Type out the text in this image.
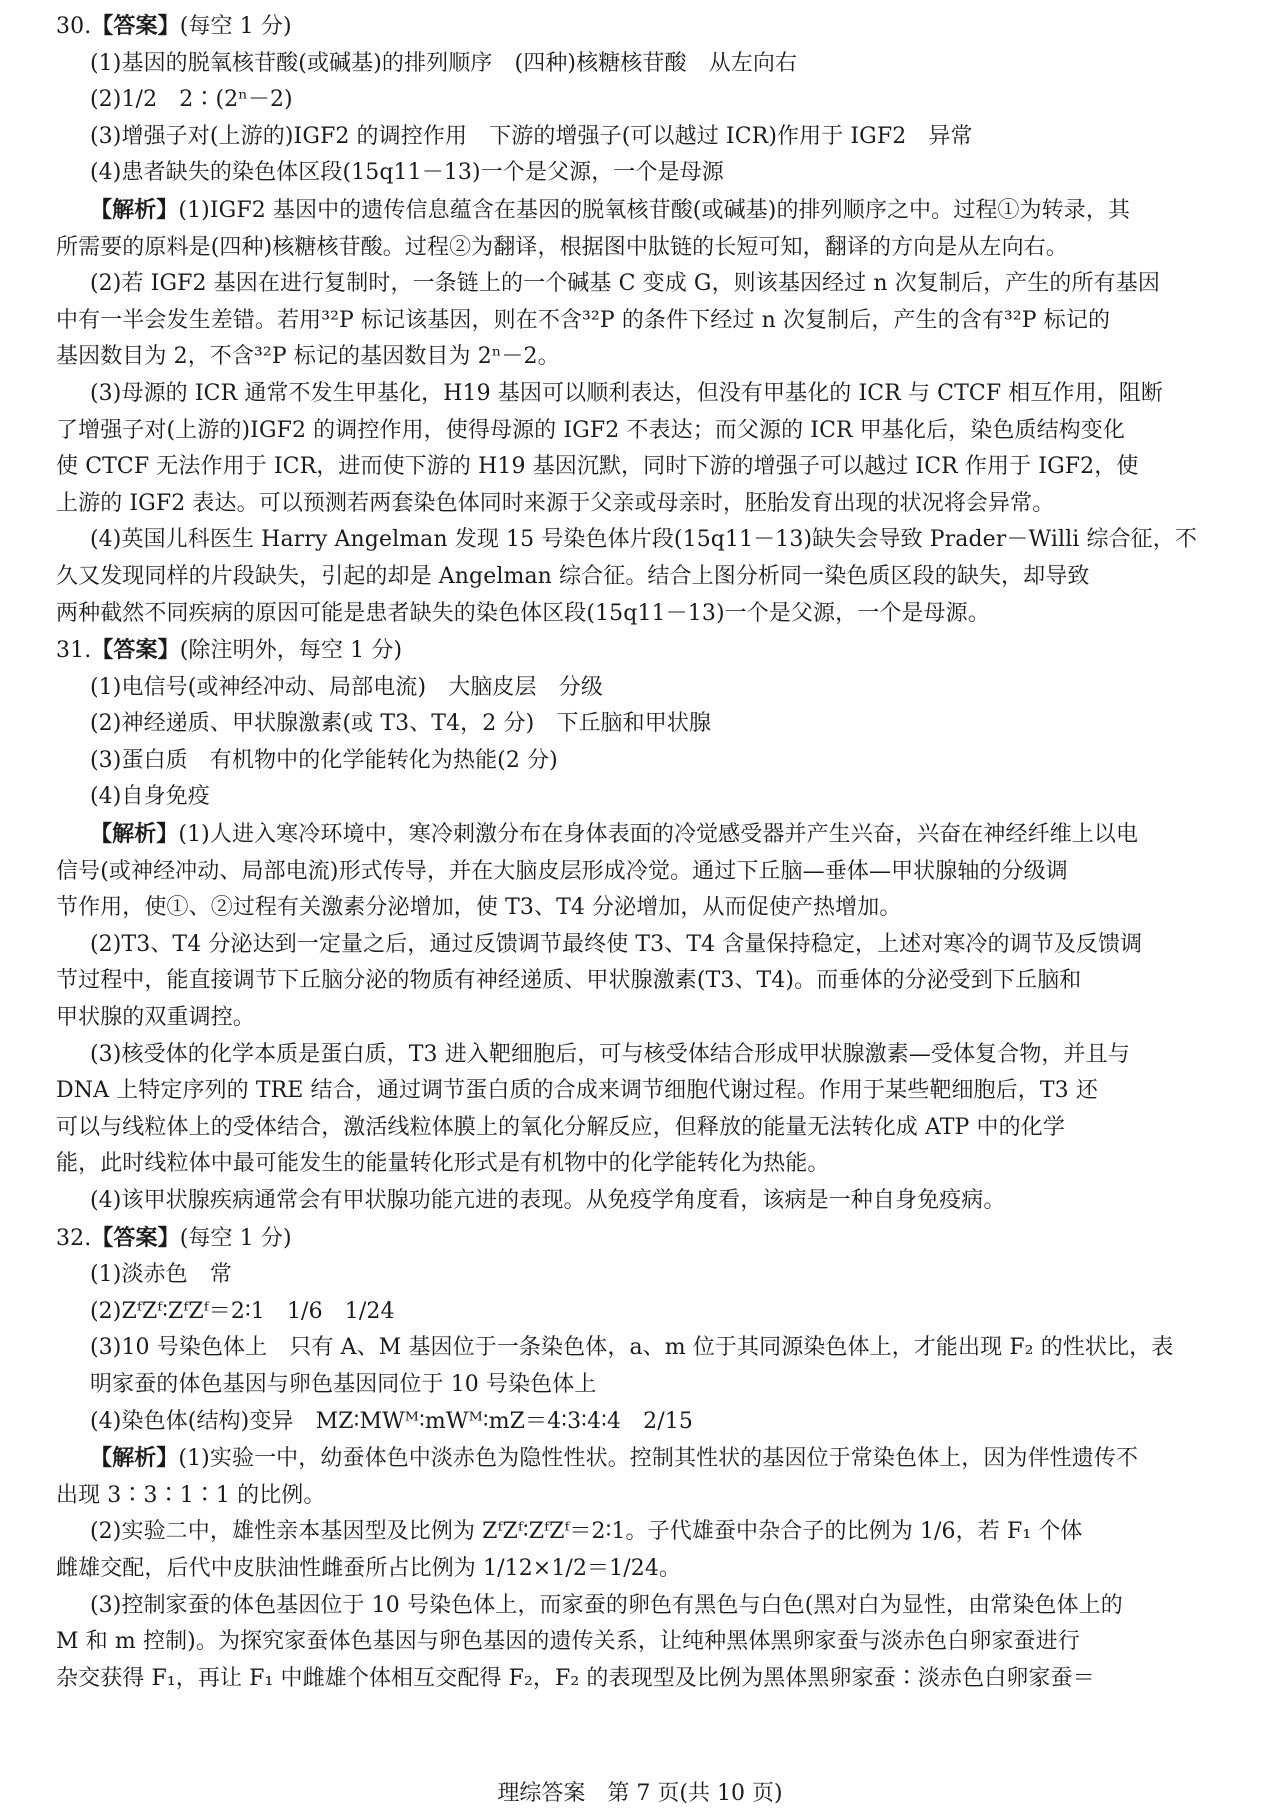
30.【答案】(每空 1 分)
(1)基因的脱氧核苷酸(或碱基)的排列顺序　(四种)核糖核苷酸　从左向右
(2)1/2　2∶(2ⁿ－2)
(3)增强子对(上游的)IGF2 的调控作用　下游的增强子(可以越过 ICR)作用于 IGF2　异常
(4)患者缺失的染色体区段(15q11－13)一个是父源，一个是母源
【解析】(1)IGF2 基因中的遗传信息蕴含在基因的脱氧核苷酸(或碱基)的排列顺序之中。过程①为转录，其
所需要的原料是(四种)核糖核苷酸。过程②为翻译，根据图中肽链的长短可知，翻译的方向是从左向右。
(2)若 IGF2 基因在进行复制时，一条链上的一个碱基 C 变成 G，则该基因经过 n 次复制后，产生的所有基因
中有一半会发生差错。若用³²P 标记该基因，则在不含³²P 的条件下经过 n 次复制后，产生的含有³²P 标记的
基因数目为 2，不含³²P 标记的基因数目为 2ⁿ－2。
(3)母源的 ICR 通常不发生甲基化，H19 基因可以顺利表达，但没有甲基化的 ICR 与 CTCF 相互作用，阻断
了增强子对(上游的)IGF2 的调控作用，使得母源的 IGF2 不表达；而父源的 ICR 甲基化后，染色质结构变化
使 CTCF 无法作用于 ICR，进而使下游的 H19 基因沉默，同时下游的增强子可以越过 ICR 作用于 IGF2，使
上游的 IGF2 表达。可以预测若两套染色体同时来源于父亲或母亲时，胚胎发育出现的状况将会异常。
(4)英国儿科医生 Harry Angelman 发现 15 号染色体片段(15q11－13)缺失会导致 Prader－Willi 综合征，不
久又发现同样的片段缺失，引起的却是 Angelman 综合征。结合上图分析同一染色质区段的缺失，却导致
两种截然不同疾病的原因可能是患者缺失的染色体区段(15q11－13)一个是父源，一个是母源。
31.【答案】(除注明外，每空 1 分)
(1)电信号(或神经冲动、局部电流)　大脑皮层　分级
(2)神经递质、甲状腺激素(或 T3、T4，2 分)　下丘脑和甲状腺
(3)蛋白质　有机物中的化学能转化为热能(2 分)
(4)自身免疫
【解析】(1)人进入寒冷环境中，寒冷刺激分布在身体表面的冷觉感受器并产生兴奋，兴奋在神经纤维上以电
信号(或神经冲动、局部电流)形式传导，并在大脑皮层形成冷觉。通过下丘脑—垂体—甲状腺轴的分级调
节作用，使①、②过程有关激素分泌增加，使 T3、T4 分泌增加，从而促使产热增加。
(2)T3、T4 分泌达到一定量之后，通过反馈调节最终使 T3、T4 含量保持稳定，上述对寒冷的调节及反馈调
节过程中，能直接调节下丘脑分泌的物质有神经递质、甲状腺激素(T3、T4)。而垂体的分泌受到下丘脑和
甲状腺的双重调控。
(3)核受体的化学本质是蛋白质，T3 进入靶细胞后，可与核受体结合形成甲状腺激素—受体复合物，并且与
DNA 上特定序列的 TRE 结合，通过调节蛋白质的合成来调节细胞代谢过程。作用于某些靶细胞后，T3 还
可以与线粒体上的受体结合，激活线粒体膜上的氧化分解反应，但释放的能量无法转化成 ATP 中的化学
能，此时线粒体中最可能发生的能量转化形式是有机物中的化学能转化为热能。
(4)该甲状腺疾病通常会有甲状腺功能亢进的表现。从免疫学角度看，该病是一种自身免疫病。
32.【答案】(每空 1 分)
(1)淡赤色　常
(2)ZᶠZᶠ∶ZᶠZᶠ＝2∶1　1/6　1/24
(3)10 号染色体上　只有 A、M 基因位于一条染色体，a、m 位于其同源染色体上，才能出现 F₂ 的性状比，表
明家蚕的体色基因与卵色基因同位于 10 号染色体上
(4)染色体(结构)变异　MZ∶MWᴹ∶mWᴹ∶mZ＝4∶3∶4∶4　2/15
【解析】(1)实验一中，幼蚕体色中淡赤色为隐性性状。控制其性状的基因位于常染色体上，因为伴性遗传不
出现 3∶3∶1∶1 的比例。
(2)实验二中，雄性亲本基因型及比例为 ZᶠZᶠ∶ZᶠZᶠ＝2∶1。子代雄蚕中杂合子的比例为 1/6，若 F₁ 个体
雌雄交配，后代中皮肤油性雌蚕所占比例为 1/12×1/2＝1/24。
(3)控制家蚕的体色基因位于 10 号染色体上，而家蚕的卵色有黑色与白色(黑对白为显性，由常染色体上的
M 和 m 控制)。为探究家蚕体色基因与卵色基因的遗传关系，让纯种黑体黑卵家蚕与淡赤色白卵家蚕进行
杂交获得 F₁，再让 F₁ 中雌雄个体相互交配得 F₂，F₂ 的表现型及比例为黑体黑卵家蚕∶淡赤色白卵家蚕＝
理综答案　第 7 页(共 10 页)
